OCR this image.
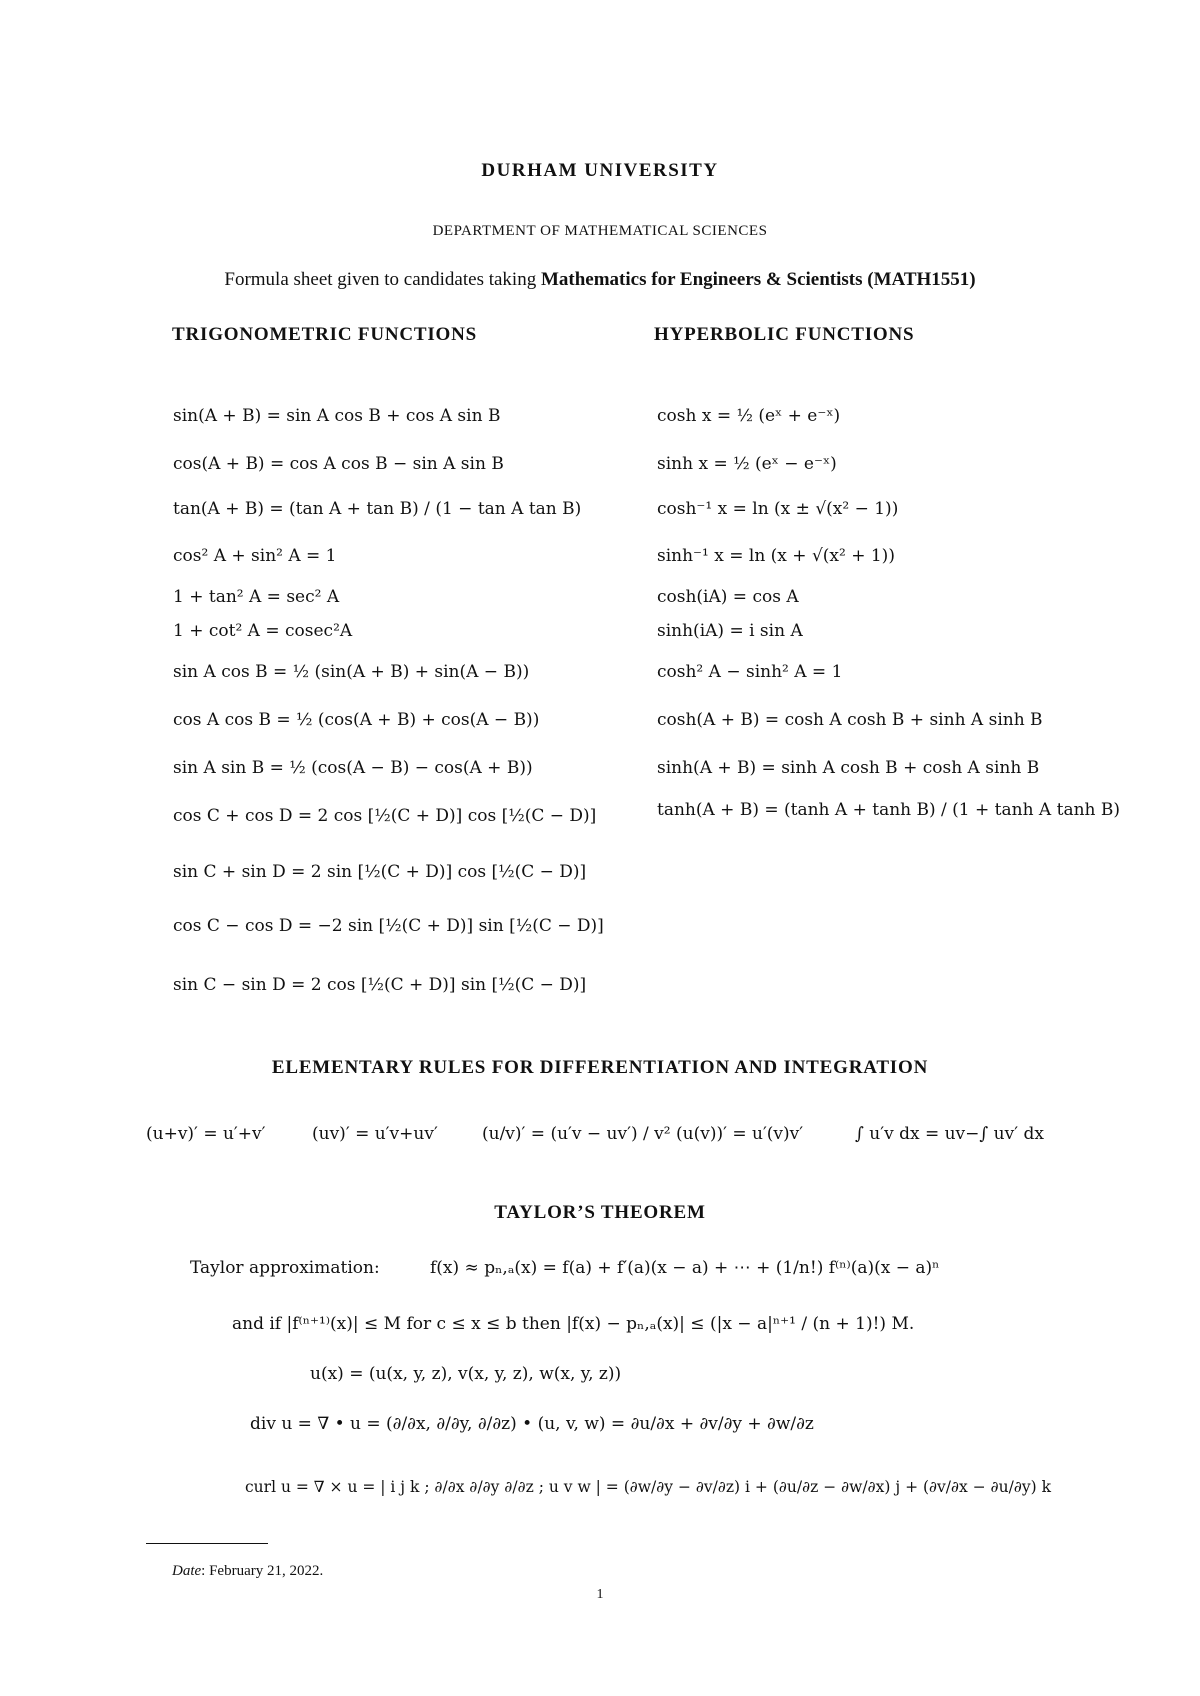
DURHAM UNIVERSITY
DEPARTMENT OF MATHEMATICAL SCIENCES
Formula sheet given to candidates taking Mathematics for Engineers & Scientists (MATH1551)
TRIGONOMETRIC FUNCTIONS	HYPERBOLIC FUNCTIONS
sin(A + B) = sin A cos B + cos A sin B
cos(A + B) = cos A cos B − sin A sin B
tan(A + B) = (tan A + tan B) / (1 − tan A tan B)
cos² A + sin² A = 1
1 + tan² A = sec² A
1 + cot² A = cosec²A
sin A cos B = ½ (sin(A + B) + sin(A − B))
cos A cos B = ½ (cos(A + B) + cos(A − B))
sin A sin B = ½ (cos(A − B) − cos(A + B))
cos C + cos D = 2 cos [½(C + D)] cos [½(C − D)]
sin C + sin D = 2 sin [½(C + D)] cos [½(C − D)]
cos C − cos D = −2 sin [½(C + D)] sin [½(C − D)]
sin C − sin D = 2 cos [½(C + D)] sin [½(C − D)]
cosh x = ½ (eˣ + e⁻ˣ)
sinh x = ½ (eˣ − e⁻ˣ)
cosh⁻¹ x = ln (x ± √(x² − 1))
sinh⁻¹ x = ln (x + √(x² + 1))
cosh(iA) = cos A
sinh(iA) = i sin A
cosh² A − sinh² A = 1
cosh(A + B) = cosh A cosh B + sinh A sinh B
sinh(A + B) = sinh A cosh B + cosh A sinh B
tanh(A + B) = (tanh A + tanh B) / (1 + tanh A tanh B)
ELEMENTARY RULES FOR DIFFERENTIATION AND INTEGRATION
(u+v)′ = u′+v′	(uv)′ = u′v+uv′	(u/v)′ = (u′v − uv′) / v² (u(v))′ = u′(v)v′	∫ u′v dx = uv−∫ uv′ dx
TAYLOR’S THEOREM
Taylor approximation:	f(x) ≈ pₙ,ₐ(x) = f(a) + f′(a)(x − a) + ⋯ + (1/n!) f⁽ⁿ⁾(a)(x − a)ⁿ
and if |f⁽ⁿ⁺¹⁾(x)| ≤ M for c ≤ x ≤ b then |f(x) − pₙ,ₐ(x)| ≤ (|x − a|ⁿ⁺¹ / (n + 1)!) M.
u(x) = (u(x, y, z), v(x, y, z), w(x, y, z))
div u = ∇ • u = (∂/∂x, ∂/∂y, ∂/∂z) • (u, v, w) = ∂u/∂x + ∂v/∂y + ∂w/∂z
curl u = ∇ × u = | i j k ; ∂/∂x ∂/∂y ∂/∂z ; u v w | = (∂w/∂y − ∂v/∂z) i + (∂u/∂z − ∂w/∂x) j + (∂v/∂x − ∂u/∂y) k
Date: February 21, 2022.
1
